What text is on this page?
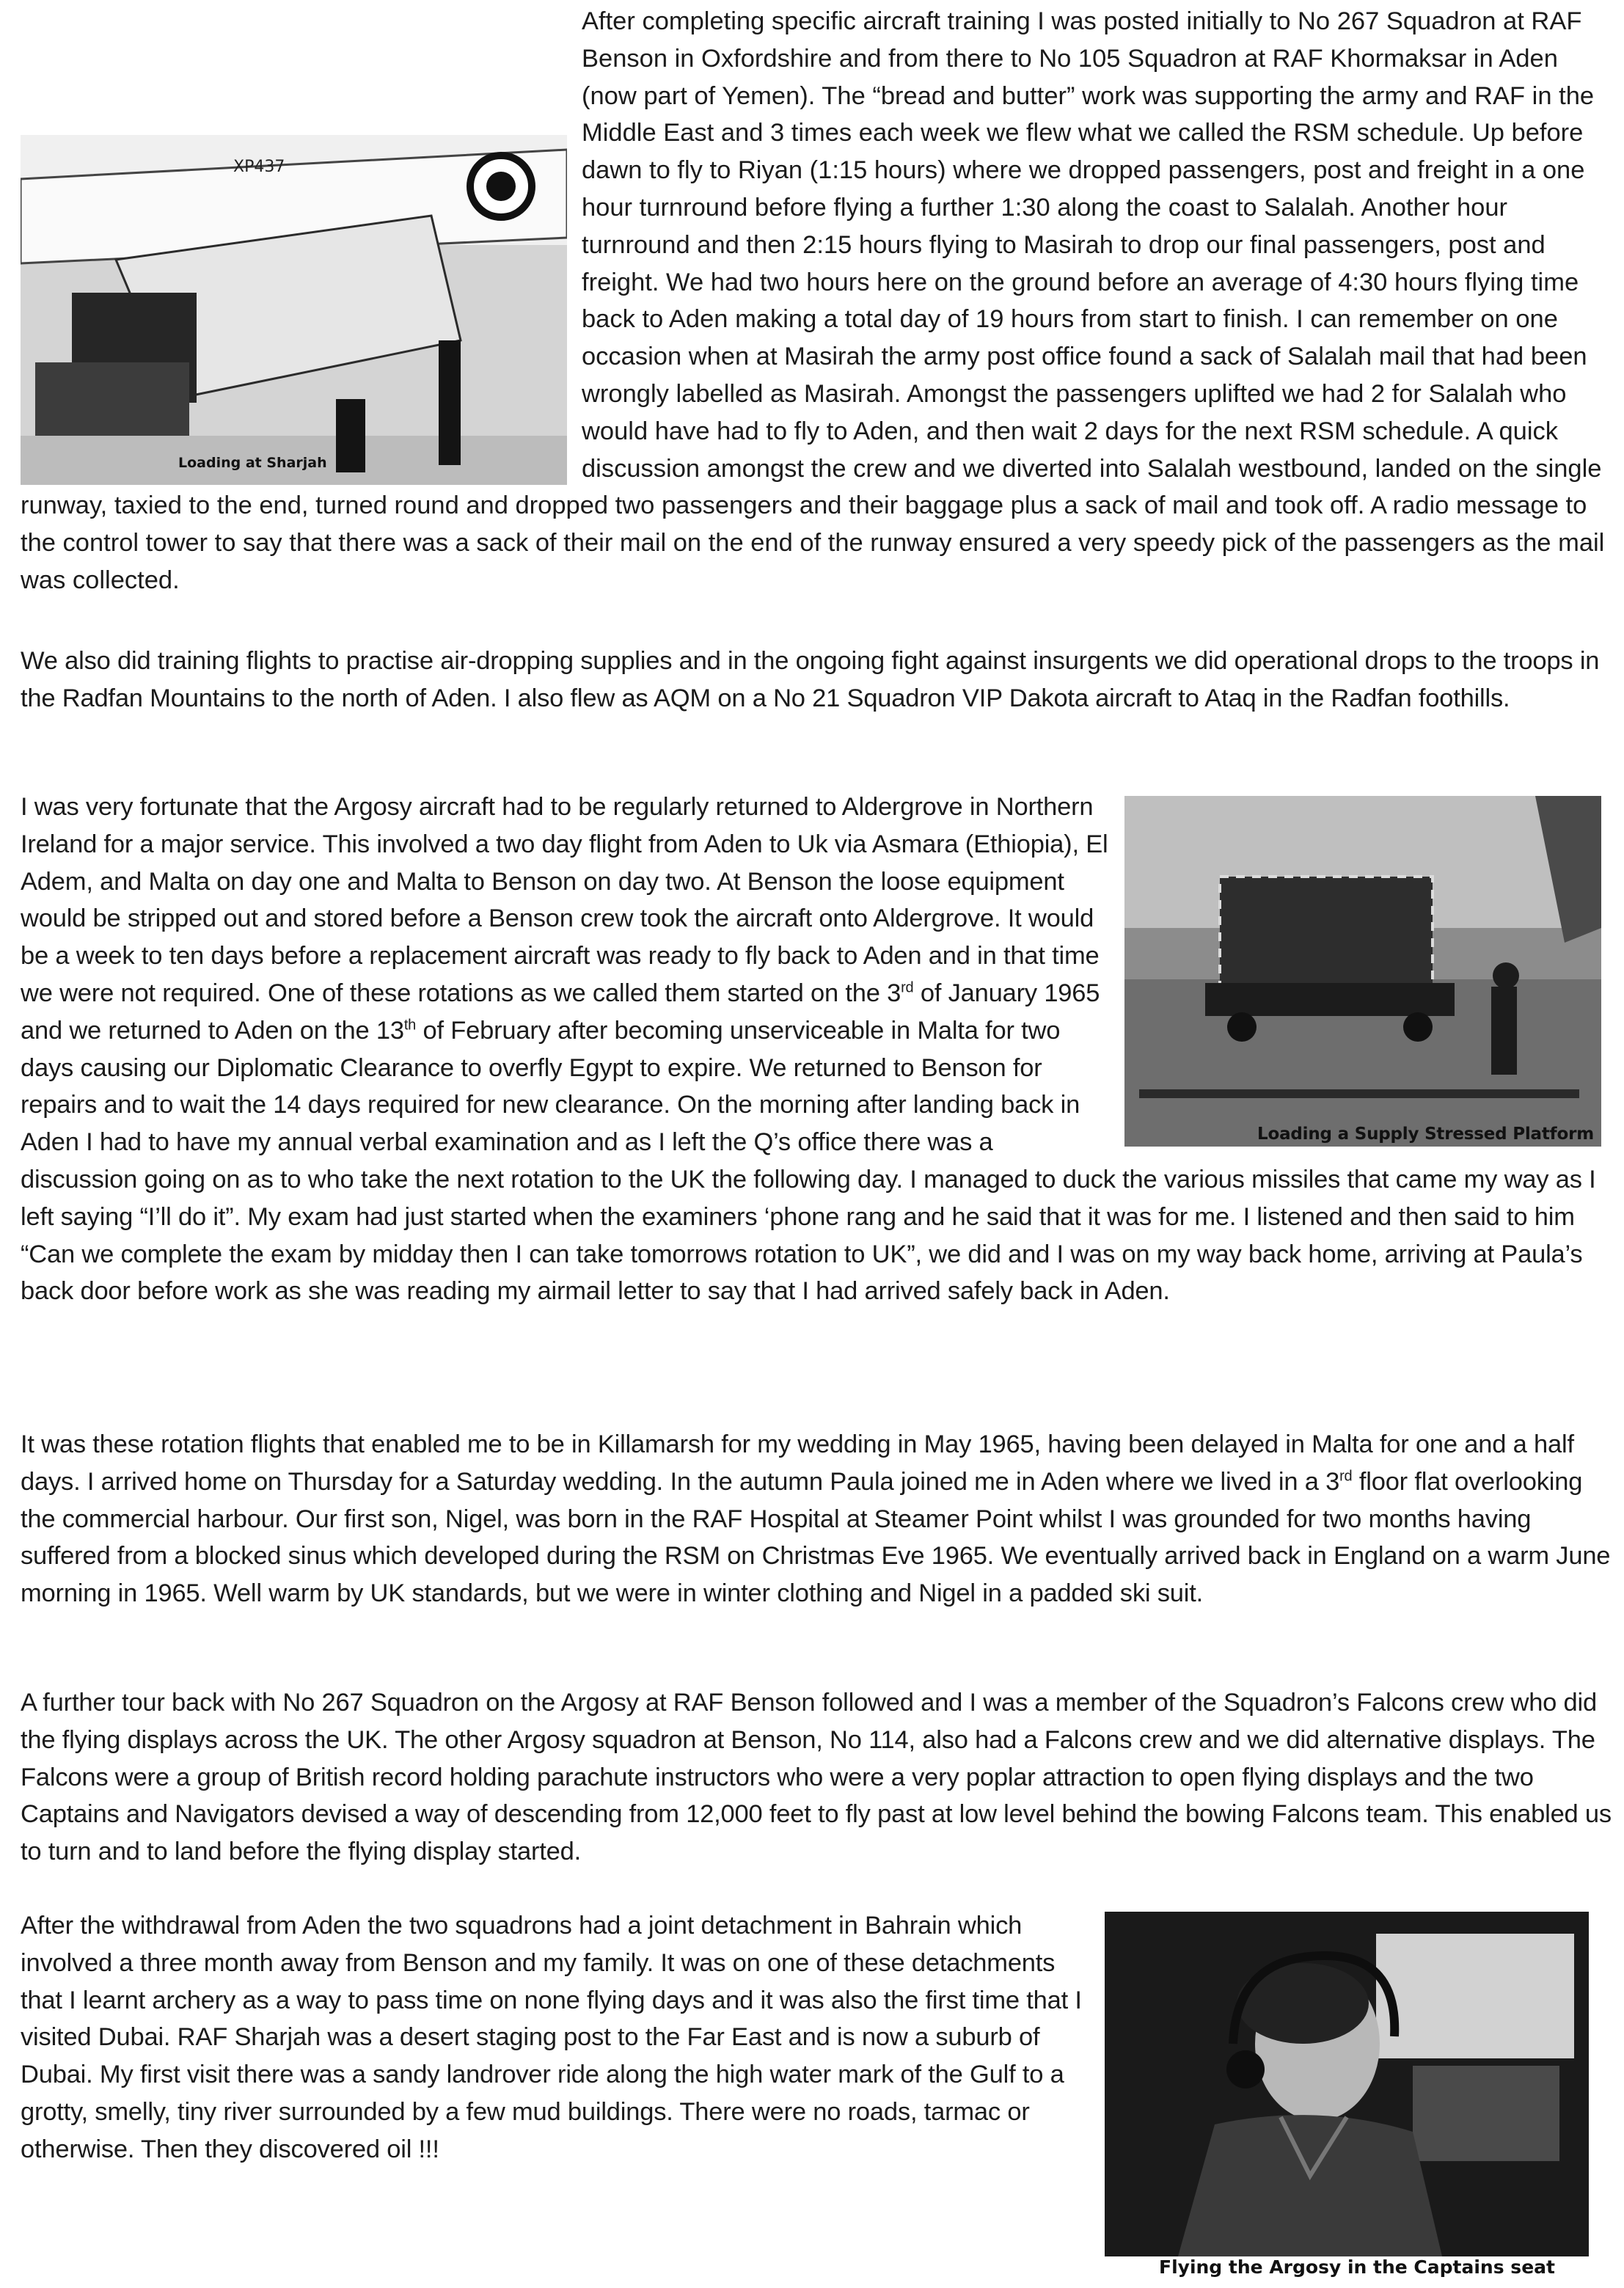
After completing specific aircraft training I was posted initially to No 267 Squadron at RAF Benson in Oxfordshire and from there to No 105 Squadron at RAF Khormaksar in Aden (now part of Yemen). The “bread and butter” work was supporting the army and RAF in the Middle East and 3 times each week we flew what we called the RSM schedule. Up before dawn to fly to Riyan (1:15 hours) where we dropped passengers, post and freight in a one hour turnround before flying a further 1:30 along the coast to Salalah. Another hour turnround and then 2:15 hours flying to Masirah to drop our final passengers, post and freight. We had two hours here on the ground before an average of 4:30 hours flying time back to Aden making a total day of 19 hours from start to finish. I can remember on one occasion when at Masirah the army post office found a sack of Salalah mail that had been wrongly labelled as Masirah. Amongst the passengers uplifted we had 2 for Salalah who would have had to fly to Aden, and then wait 2 days for the next RSM schedule. A quick discussion amongst the crew and we diverted into Salalah westbound, landed on the single runway, taxied to the end, turned round and dropped two passengers and their baggage plus a sack of mail and took off. A radio message to the control tower to say that there was a sack of their mail on the end of the runway ensured a very speedy pick of the passengers as the mail was collected.

XP437
Loading at Sharjah

We also did training flights to practise air-dropping supplies and in the ongoing fight against insurgents we did operational drops to the troops in the Radfan Mountains to the north of Aden. I also flew as AQM on a No 21 Squadron VIP Dakota aircraft to Ataq in the Radfan foothills.

Loading a Supply Stressed Platform
I was very fortunate that the Argosy aircraft had to be regularly returned to Aldergrove in Northern Ireland for a major service. This involved a two day flight from Aden to Uk via Asmara (Ethiopia), El Adem, and Malta on day one and Malta to Benson on day two. At Benson the loose equipment would be stripped out and stored before a Benson crew took the aircraft onto Aldergrove. It would be a week to ten days before a replacement aircraft was ready to fly back to Aden and in that time we were not required. One of these rotations as we called them started on the 3rd of January 1965 and we returned to Aden on the 13th of February after becoming unserviceable in Malta for two days causing our Diplomatic Clearance to overfly Egypt to expire. We returned to Benson for repairs and to wait the 14 days required for new clearance. On the morning after landing back in Aden I had to have my annual verbal examination and as I left the Q’s office there was a discussion going on as to who take the next rotation to the UK the following day. I managed to duck the various missiles that came my way as I left saying “I’ll do it”. My exam had just started when the examiners ‘phone rang and he said that it was for me. I listened and then said to him “Can we complete the exam by midday then I can take tomorrows rotation to UK”, we did and I was on my way back home, arriving at Paula’s back door before work as she was reading my airmail letter to say that I had arrived safely back in Aden.
It was these rotation flights that enabled me to be in Killamarsh for my wedding in May 1965, having been delayed in Malta for one and a half days. I arrived home on Thursday for a Saturday wedding. In the autumn Paula joined me in Aden where we lived in a 3rd floor flat overlooking the commercial harbour. Our first son, Nigel, was born in the RAF Hospital at Steamer Point whilst I was grounded for two months having suffered from a blocked sinus which developed during the RSM on Christmas Eve 1965. We eventually arrived back in England on a warm June morning in 1965. Well warm by UK standards, but we were in winter clothing and Nigel in a padded ski suit.

A further tour back with No 267 Squadron on the Argosy at RAF Benson followed and I was a member of the Squadron’s Falcons crew who did the flying displays across the UK. The other Argosy squadron at Benson, No 114, also had a Falcons crew and we did alternative displays. The Falcons were a group of British record holding parachute instructors who were a very poplar attraction to open flying displays and the two Captains and Navigators devised a way of descending from 12,000 feet to fly past at low level behind the bowing Falcons team. This enabled us to turn and to land before the flying display started.

After the withdrawal from Aden the two squadrons had a joint detachment in Bahrain which involved a three month away from Benson and my family. It was on one of these detachments that I learnt archery as a way to pass time on none flying days and it was also the first time that I visited Dubai. RAF Sharjah was a desert staging post to the Far East and is now a suburb of Dubai. My first visit there was a sandy landrover ride along the high water mark of the Gulf to a grotty, smelly, tiny river surrounded by a few mud buildings. There were no roads, tarmac or otherwise. Then they discovered oil !!!
Flying the Argosy in the Captains seat
